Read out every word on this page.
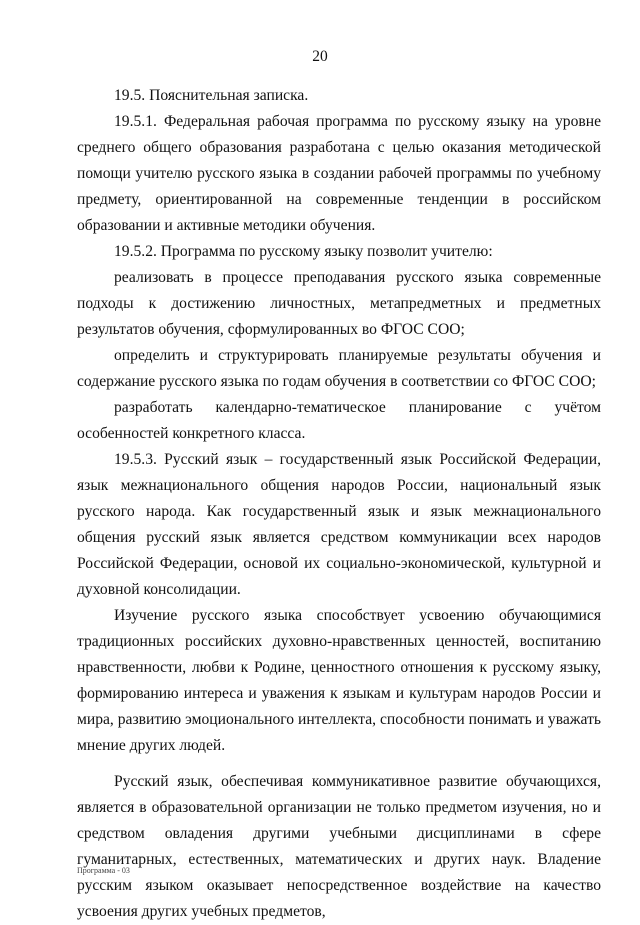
20

19.5. Пояснительная записка.

19.5.1. Федеральная рабочая программа по русскому языку на уровне среднего общего образования разработана с целью оказания методической помощи учителю русского языка в создании рабочей программы по учебному предмету, ориентированной на современные тенденции в российском образовании и активные методики обучения.

19.5.2. Программа по русскому языку позволит учителю:

реализовать в процессе преподавания русского языка современные подходы к достижению личностных, метапредметных и предметных результатов обучения, сформулированных во ФГОС СОО;

определить и структурировать планируемые результаты обучения и содержание русского языка по годам обучения в соответствии со ФГОС СОО;

разработать календарно-тематическое планирование с учётом особенностей конкретного класса.

19.5.3. Русский язык – государственный язык Российской Федерации, язык межнационального общения народов России, национальный язык русского народа. Как государственный язык и язык межнационального общения русский язык является средством коммуникации всех народов Российской Федерации, основой их социально-экономической, культурной и духовной консолидации.

Изучение русского языка способствует усвоению обучающимися традиционных российских духовно-нравственных ценностей, воспитанию нравственности, любви к Родине, ценностного отношения к русскому языку, формированию интереса и уважения к языкам и культурам народов России и мира, развитию эмоционального интеллекта, способности понимать и уважать мнение других людей.

Русский язык, обеспечивая коммуникативное развитие обучающихся, является в образовательной организации не только предметом изучения, но и средством овладения другими учебными дисциплинами в сфере гуманитарных, естественных, математических и других наук. Владение русским языком оказывает непосредственное воздействие на качество усвоения других учебных предметов,

Программа - 03
